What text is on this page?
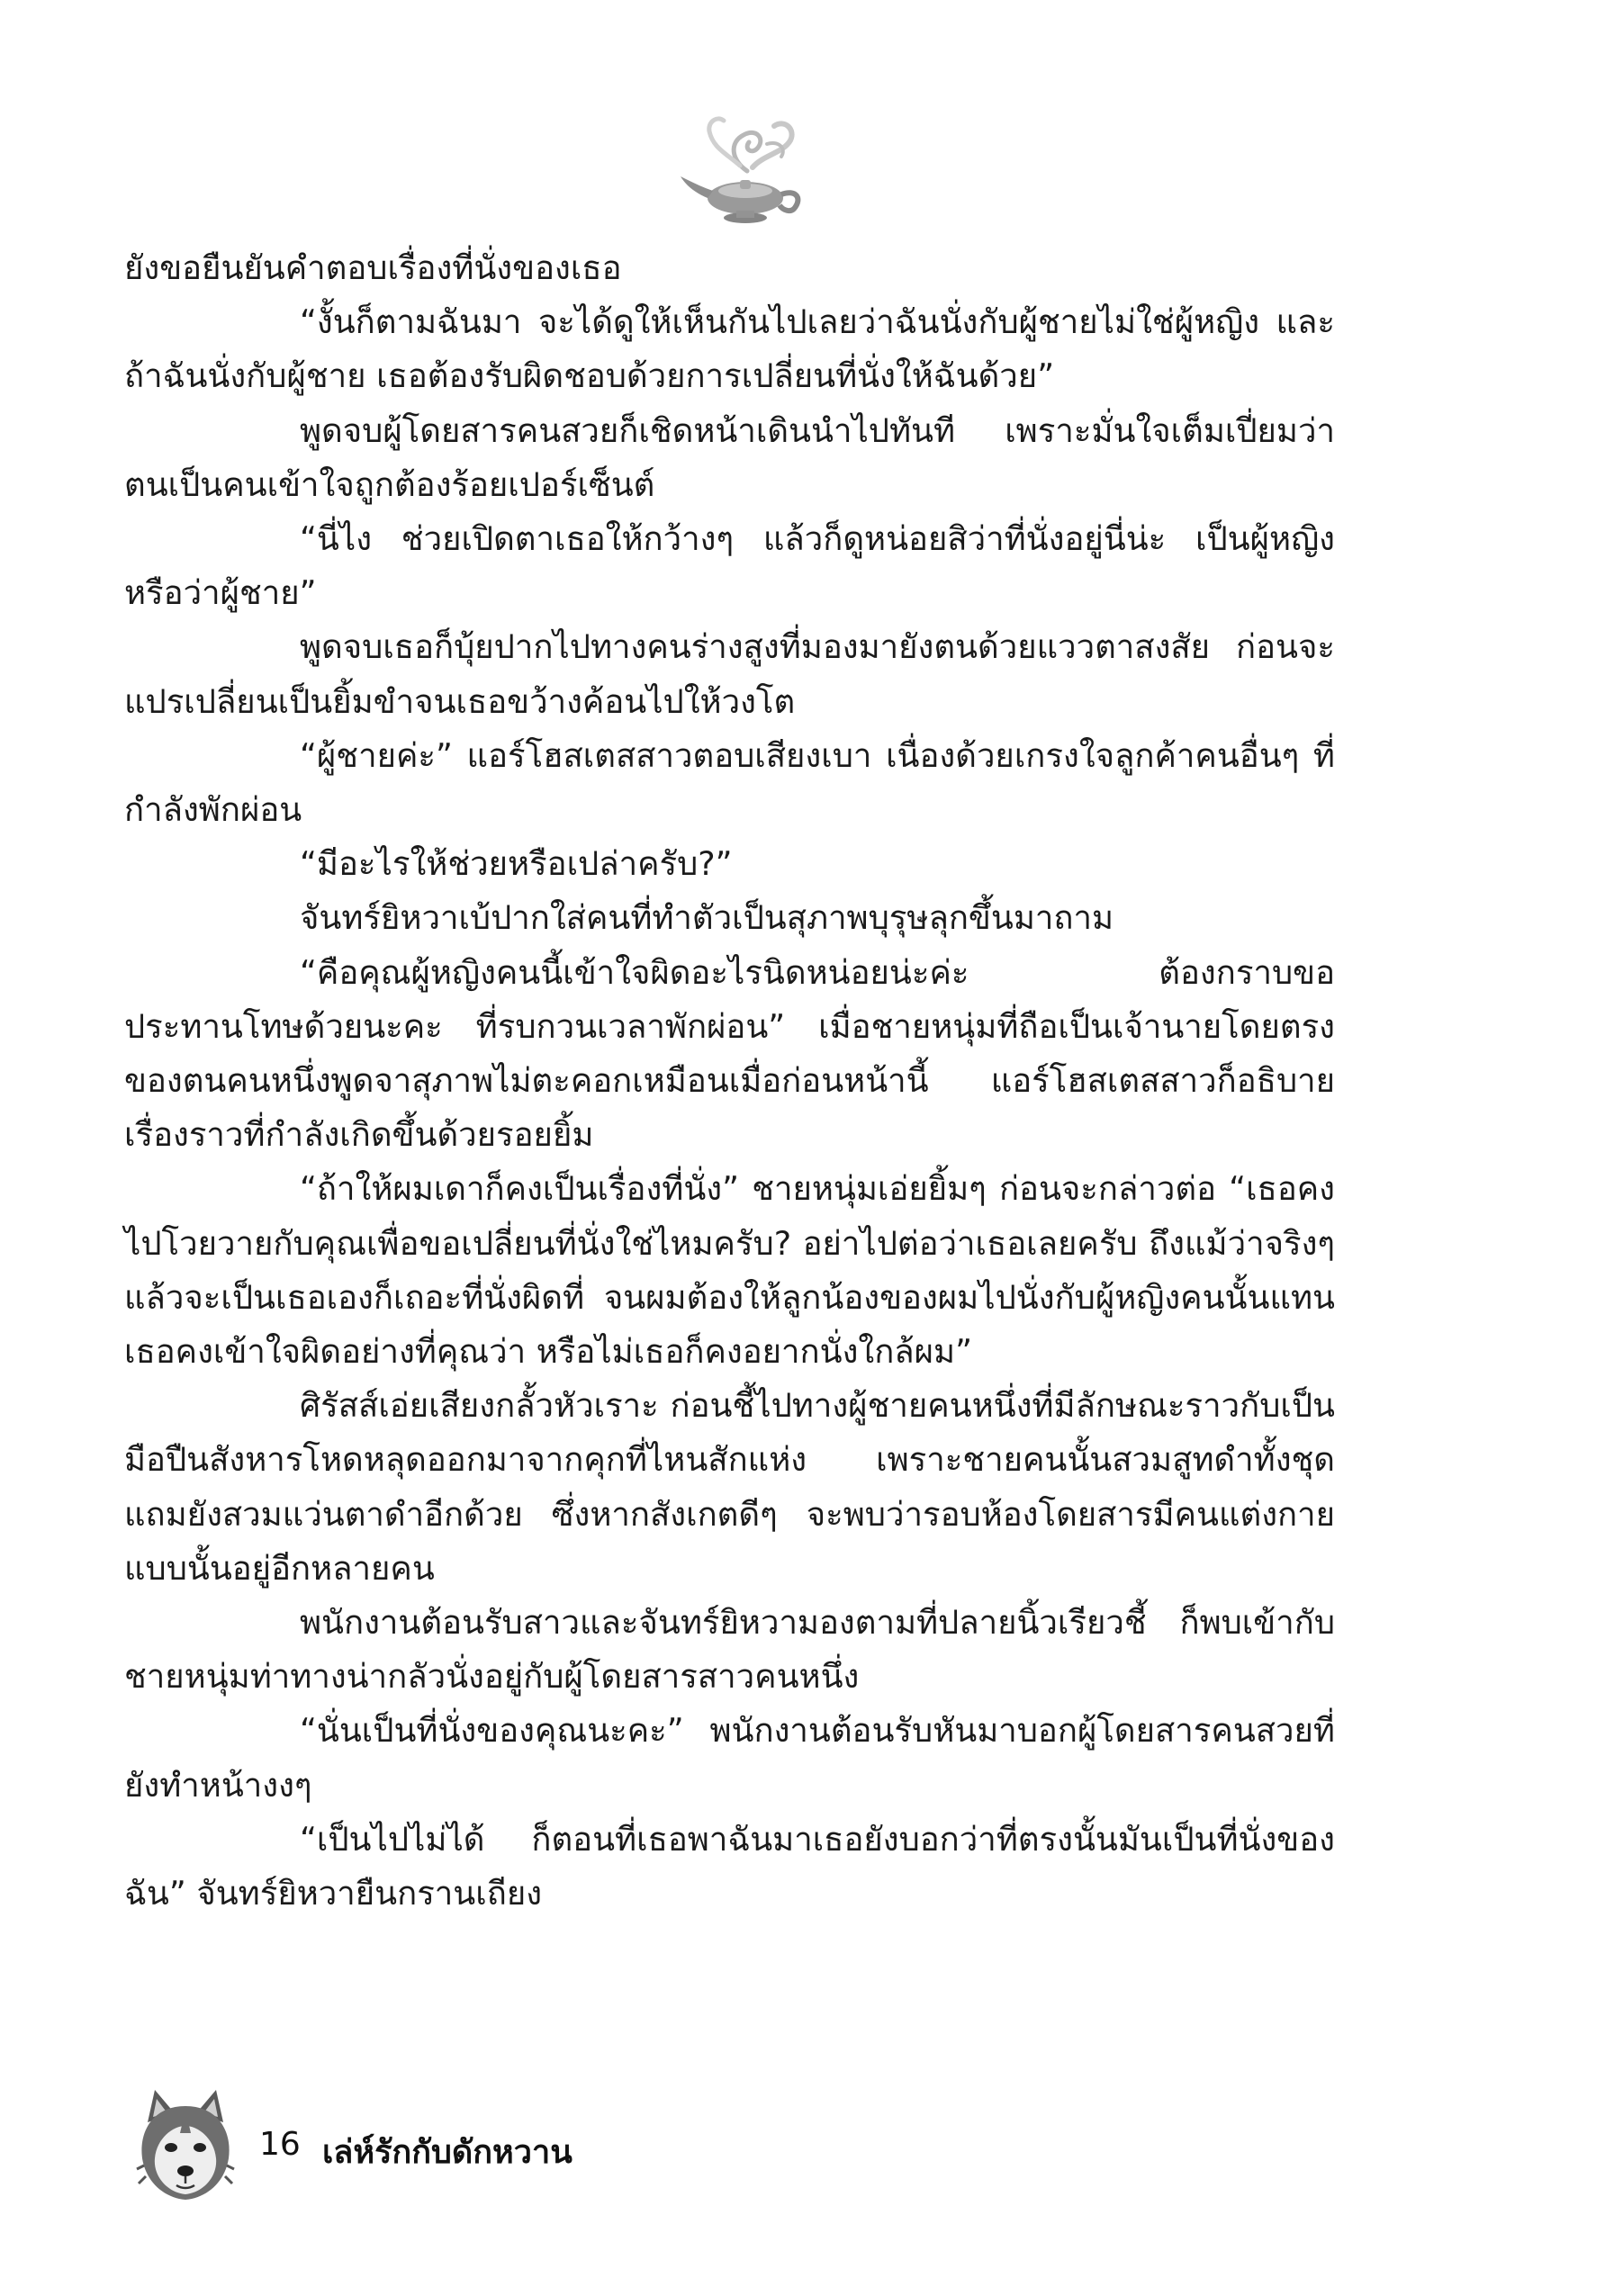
ยังขอยืนยันคำตอบเรื่องที่นั่งของเธอ

“งั้นก็ตามฉันมา จะได้ดูให้เห็นกันไปเลยว่าฉันนั่งกับผู้ชายไม่ใช่ผู้หญิง และถ้าฉันนั่งกับผู้ชาย เธอต้องรับผิดชอบด้วยการเปลี่ยนที่นั่งให้ฉันด้วย”

พูดจบผู้โดยสารคนสวยก็เชิดหน้าเดินนำไปทันที เพราะมั่นใจเต็มเปี่ยมว่าตนเป็นคนเข้าใจถูกต้องร้อยเปอร์เซ็นต์

“นี่ไง ช่วยเปิดตาเธอให้กว้างๆ แล้วก็ดูหน่อยสิว่าที่นั่งอยู่นี่น่ะ เป็นผู้หญิงหรือว่าผู้ชาย”

พูดจบเธอก็บุ้ยปากไปทางคนร่างสูงที่มองมายังตนด้วยแววตาสงสัย ก่อนจะแปรเปลี่ยนเป็นยิ้มขำจนเธอขว้างค้อนไปให้วงโต

“ผู้ชายค่ะ” แอร์โฮสเตสสาวตอบเสียงเบา เนื่องด้วยเกรงใจลูกค้าคนอื่นๆ ที่กำลังพักผ่อน

“มีอะไรให้ช่วยหรือเปล่าครับ?”

จันทร์ยิหวาเบ้ปากใส่คนที่ทำตัวเป็นสุภาพบุรุษลุกขึ้นมาถาม

“คือคุณผู้หญิงคนนี้เข้าใจผิดอะไรนิดหน่อยน่ะค่ะ ต้องกราบขอประทานโทษด้วยนะคะ ที่รบกวนเวลาพักผ่อน” เมื่อชายหนุ่มที่ถือเป็นเจ้านายโดยตรงของตนคนหนึ่งพูดจาสุภาพไม่ตะคอกเหมือนเมื่อก่อนหน้านี้ แอร์โฮสเตสสาวก็อธิบายเรื่องราวที่กำลังเกิดขึ้นด้วยรอยยิ้ม

“ถ้าให้ผมเดาก็คงเป็นเรื่องที่นั่ง” ชายหนุ่มเอ่ยยิ้มๆ ก่อนจะกล่าวต่อ “เธอคงไปโวยวายกับคุณเพื่อขอเปลี่ยนที่นั่งใช่ไหมครับ? อย่าไปต่อว่าเธอเลยครับ ถึงแม้ว่าจริงๆ แล้วจะเป็นเธอเองก็เถอะที่นั่งผิดที่ จนผมต้องให้ลูกน้องของผมไปนั่งกับผู้หญิงคนนั้นแทน เธอคงเข้าใจผิดอย่างที่คุณว่า หรือไม่เธอก็คงอยากนั่งใกล้ผม”

ศิรัสส์เอ่ยเสียงกลั้วหัวเราะ ก่อนชี้ไปทางผู้ชายคนหนึ่งที่มีลักษณะราวกับเป็นมือปืนสังหารโหดหลุดออกมาจากคุกที่ไหนสักแห่ง เพราะชายคนนั้นสวมสูทดำทั้งชุดแถมยังสวมแว่นตาดำอีกด้วย ซึ่งหากสังเกตดีๆ จะพบว่ารอบห้องโดยสารมีคนแต่งกายแบบนั้นอยู่อีกหลายคน

พนักงานต้อนรับสาวและจันทร์ยิหวามองตามที่ปลายนิ้วเรียวชี้ ก็พบเข้ากับชายหนุ่มท่าทางน่ากลัวนั่งอยู่กับผู้โดยสารสาวคนหนึ่ง

“นั่นเป็นที่นั่งของคุณนะคะ” พนักงานต้อนรับหันมาบอกผู้โดยสารคนสวยที่ยังทำหน้างงๆ

“เป็นไปไม่ได้ ก็ตอนที่เธอพาฉันมาเธอยังบอกว่าที่ตรงนั้นมันเป็นที่นั่งของฉัน” จันทร์ยิหวายืนกรานเถียง

16 เล่ห์รักกับดักหวาน
